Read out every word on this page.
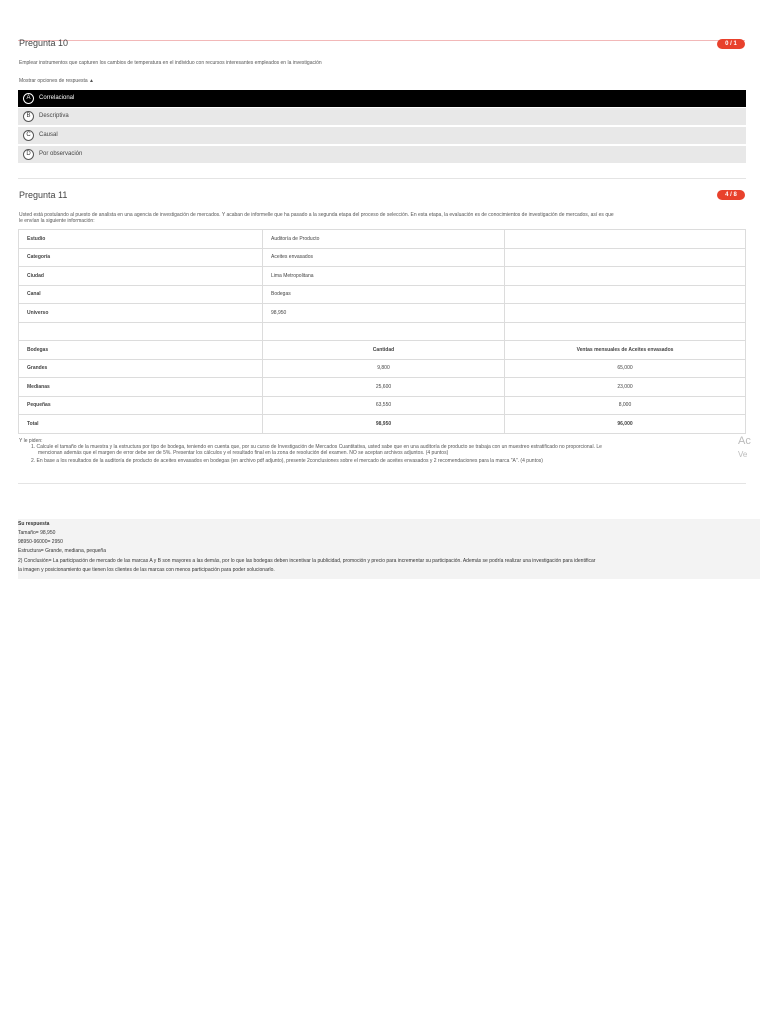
Pregunta 10	0 / 1
Emplear instrumentos que capturen los cambios de temperatura en el individuo con recursos interesantes empleados en la investigación
Mostrar opciones de respuesta ▲
A	Correlacional
B	Descriptiva
C	Causal
D	Por observación
Pregunta 11	4 / 8
Usted está postulando al puesto de analista en una agencia de investigación de mercados. Y acaban de informelle que ha pasado a la segunda etapa del proceso de selección. En esta etapa, la evaluación es de conocimientos de investigación de mercados, así es que
le envían la siguiente información:
Estudio	Auditoría de Producto	
Categoría	Aceites envasados	
Ciudad	Lima Metropolitana	
Canal	Bodegas	
Universo	98,950	

Bodegas	Cantidad	Ventas mensuales de Aceites envasados
Grandes	9,800	65,000
Medianas	25,600	23,000
Pequeñas	63,550	8,000
Total	98,950	96,000
Ac
Ve
Y le piden:
1. Calcule el tamaño de la muestra y la estructura por tipo de bodega, teniendo en cuenta que, por su curso de Investigación de Mercados Cuantitativa, usted sabe que en una auditoría de producto se trabaja con un muestreo estratificado no proporcional. Le
mencionan además que el margen de error debe ser de 5%. Presentar los cálculos y el resultado final en la zona de resolución del examen. NO se aceptan archivos adjuntos. (4 puntos)
2. En base a los resultados de la auditoría de producto de aceites envasados en bodegas (en archivo pdf adjunto), presente 2conclusiones sobre el mercado de aceites envasados y 2 recomendaciones para la marca "A". (4 puntos)
Su respuesta
Tamaño= 98,950
98950-96000= 2950
Estructura= Grande, mediana, pequeña
2) Conclusión= La participación de mercado de las marcas A y B son mayores a las demás, por lo que las bodegas deben incentivar la publicidad, promoción y precio para incrementar su participación. Además se podría realizar una investigación para identificar
la imagen y posicionamiento que tienen los clientes de las marcas con menos participación para poder solucionarlo.
